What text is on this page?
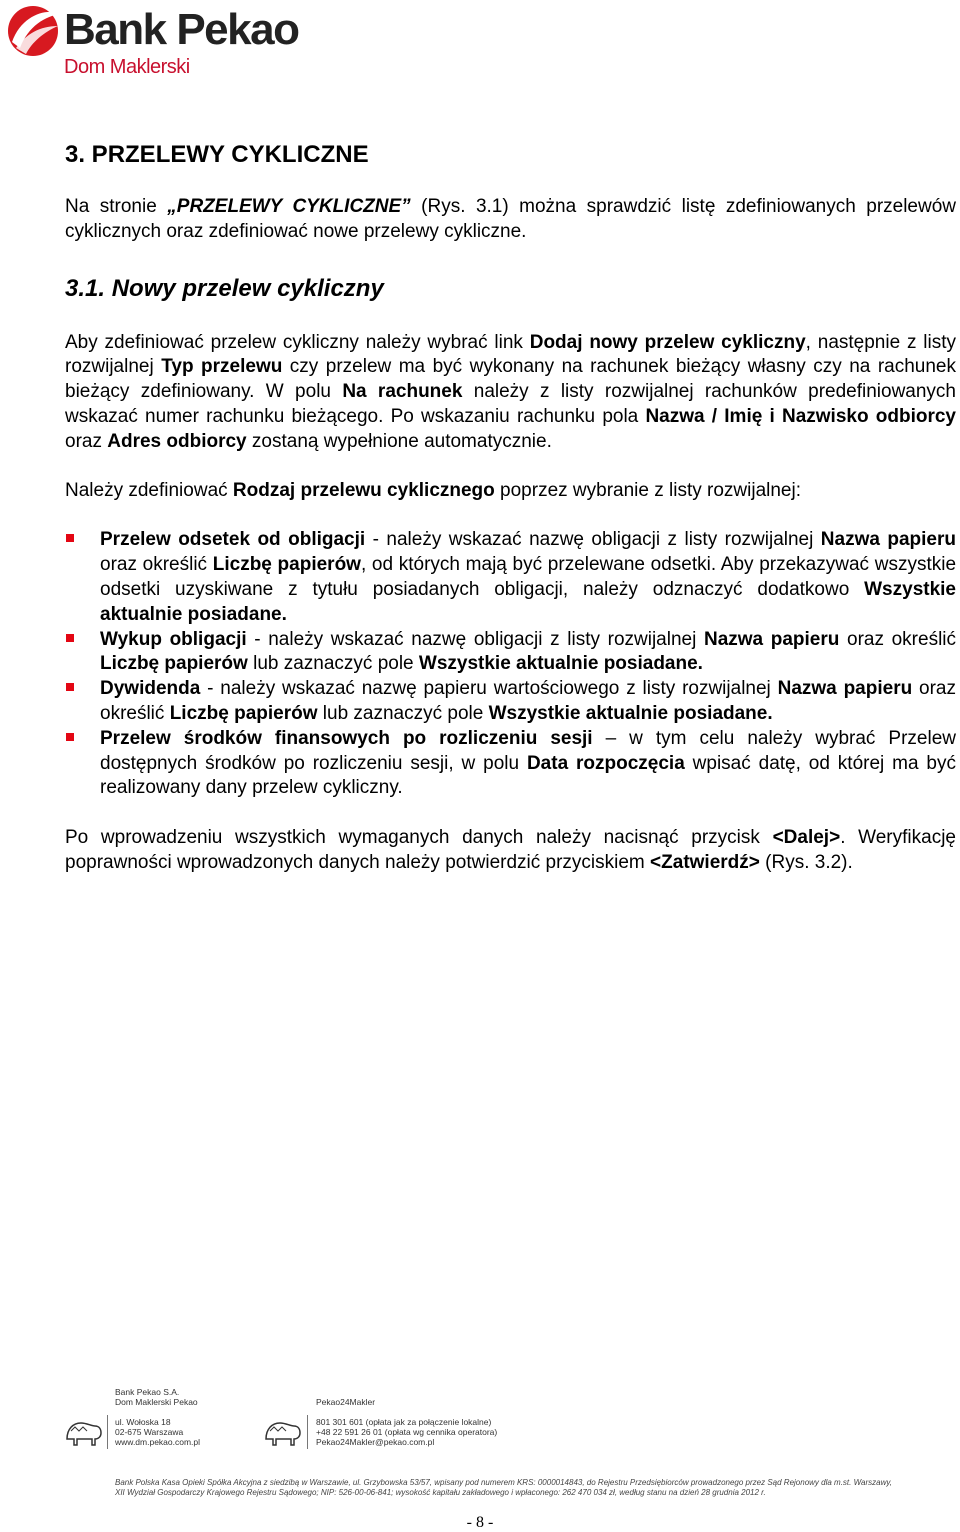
Bank Pekao
Dom Maklerski
3. PRZELEWY CYKLICZNE

Na stronie „PRZELEWY CYKLICZNE” (Rys. 3.1) można sprawdzić listę zdefiniowanych przelewów cyklicznych oraz zdefiniować nowe przelewy cykliczne.

3.1. Nowy przelew cykliczny

Aby zdefiniować przelew cykliczny należy wybrać link Dodaj nowy przelew cykliczny, następnie z listy rozwijalnej Typ przelewu czy przelew ma być wykonany na rachunek bieżący własny czy na rachunek bieżący zdefiniowany. W polu Na rachunek należy z listy rozwijalnej rachunków predefiniowanych wskazać numer rachunku bieżącego. Po wskazaniu rachunku pola Nazwa / Imię i Nazwisko odbiorcy oraz Adres odbiorcy zostaną wypełnione automatycznie.

Należy zdefiniować Rodzaj przelewu cyklicznego poprzez wybranie z listy rozwijalnej:

Przelew odsetek od obligacji - należy wskazać nazwę obligacji z listy rozwijalnej Nazwa papieru oraz określić Liczbę papierów, od których mają być przelewane odsetki. Aby przekazywać wszystkie odsetki uzyskiwane z tytułu posiadanych obligacji, należy odznaczyć dodatkowo Wszystkie aktualnie posiadane.
Wykup obligacji - należy wskazać nazwę obligacji z listy rozwijalnej Nazwa papieru oraz określić Liczbę papierów lub zaznaczyć pole Wszystkie aktualnie posiadane.
Dywidenda - należy wskazać nazwę papieru wartościowego z listy rozwijalnej Nazwa papieru oraz określić Liczbę papierów lub zaznaczyć pole Wszystkie aktualnie posiadane.
Przelew środków finansowych po rozliczeniu sesji – w tym celu należy wybrać Przelew dostępnych środków po rozliczeniu sesji, w polu Data rozpoczęcia wpisać datę, od której ma być realizowany dany przelew cykliczny.

Po wprowadzeniu wszystkich wymaganych danych należy nacisnąć przycisk <Dalej>. Weryfikację poprawności wprowadzonych danych należy potwierdzić przyciskiem <Zatwierdź> (Rys. 3.2).

Bank Pekao S.A.
Dom Maklerski Pekao	Pekao24Makler
ul. Wołoska 18
02-675 Warszawa
www.dm.pekao.com.pl
801 301 601 (opłata jak za połączenie lokalne)
+48 22 591 26 01 (opłata wg cennika operatora)
Pekao24Makler@pekao.com.pl
Bank Polska Kasa Opieki Spółka Akcyjna z siedzibą w Warszawie, ul. Grzybowska 53/57, wpisany pod numerem KRS: 0000014843, do Rejestru Przedsiębiorców prowadzonego przez Sąd Rejonowy dla m.st. Warszawy,
XII Wydział Gospodarczy Krajowego Rejestru Sądowego; NIP: 526-00-06-841; wysokość kapitału zakładowego i wpłaconego: 262 470 034 zł, według stanu na dzień 28 grudnia 2012 r.
- 8 -
